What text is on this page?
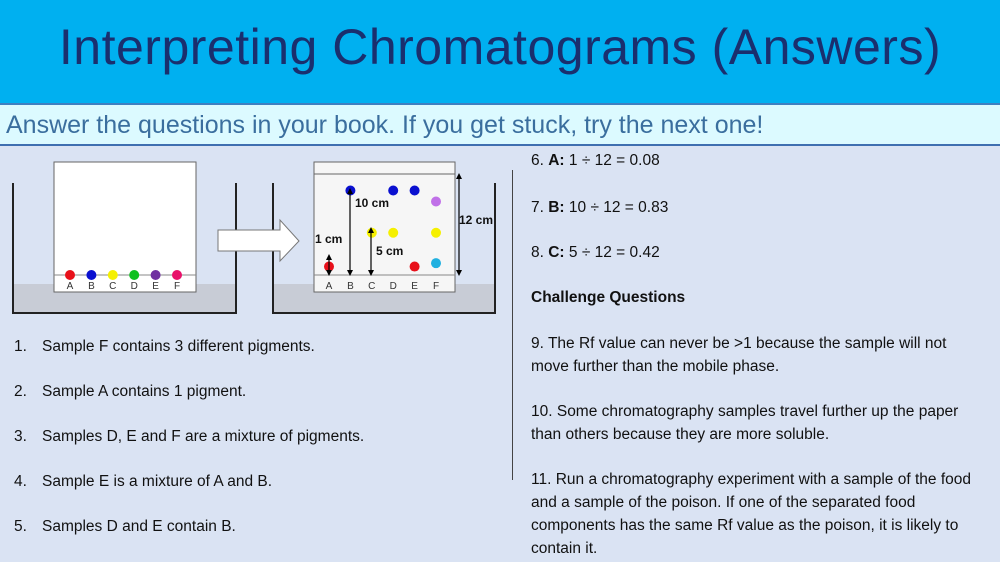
Interpreting Chromatograms (Answers)
Answer the questions in your book. If you get stuck, try the next one!
A	A
B	B
C	C
D	D
E	E
F	F
1 cm
10 cm
5 cm
12 cm
1. Sample F contains 3 different pigments.
2. Sample A contains 1 pigment.
3. Samples D, E and F are a mixture of pigments.
4. Sample E is a mixture of A and B.
5. Samples D and E contain B.
6. A: 1 ÷ 12 = 0.08
7. B: 10 ÷ 12 = 0.83
8. C: 5 ÷ 12 = 0.42
Challenge Questions
9. The Rf value can never be >1 because the sample will not move further than the mobile phase.
10. Some chromatography samples travel further up the paper than others because they are more soluble.
11. Run a chromatography experiment with a sample of the food and a sample of the poison. If one of the separated food components has the same Rf value as the poison, it is likely to contain it.
